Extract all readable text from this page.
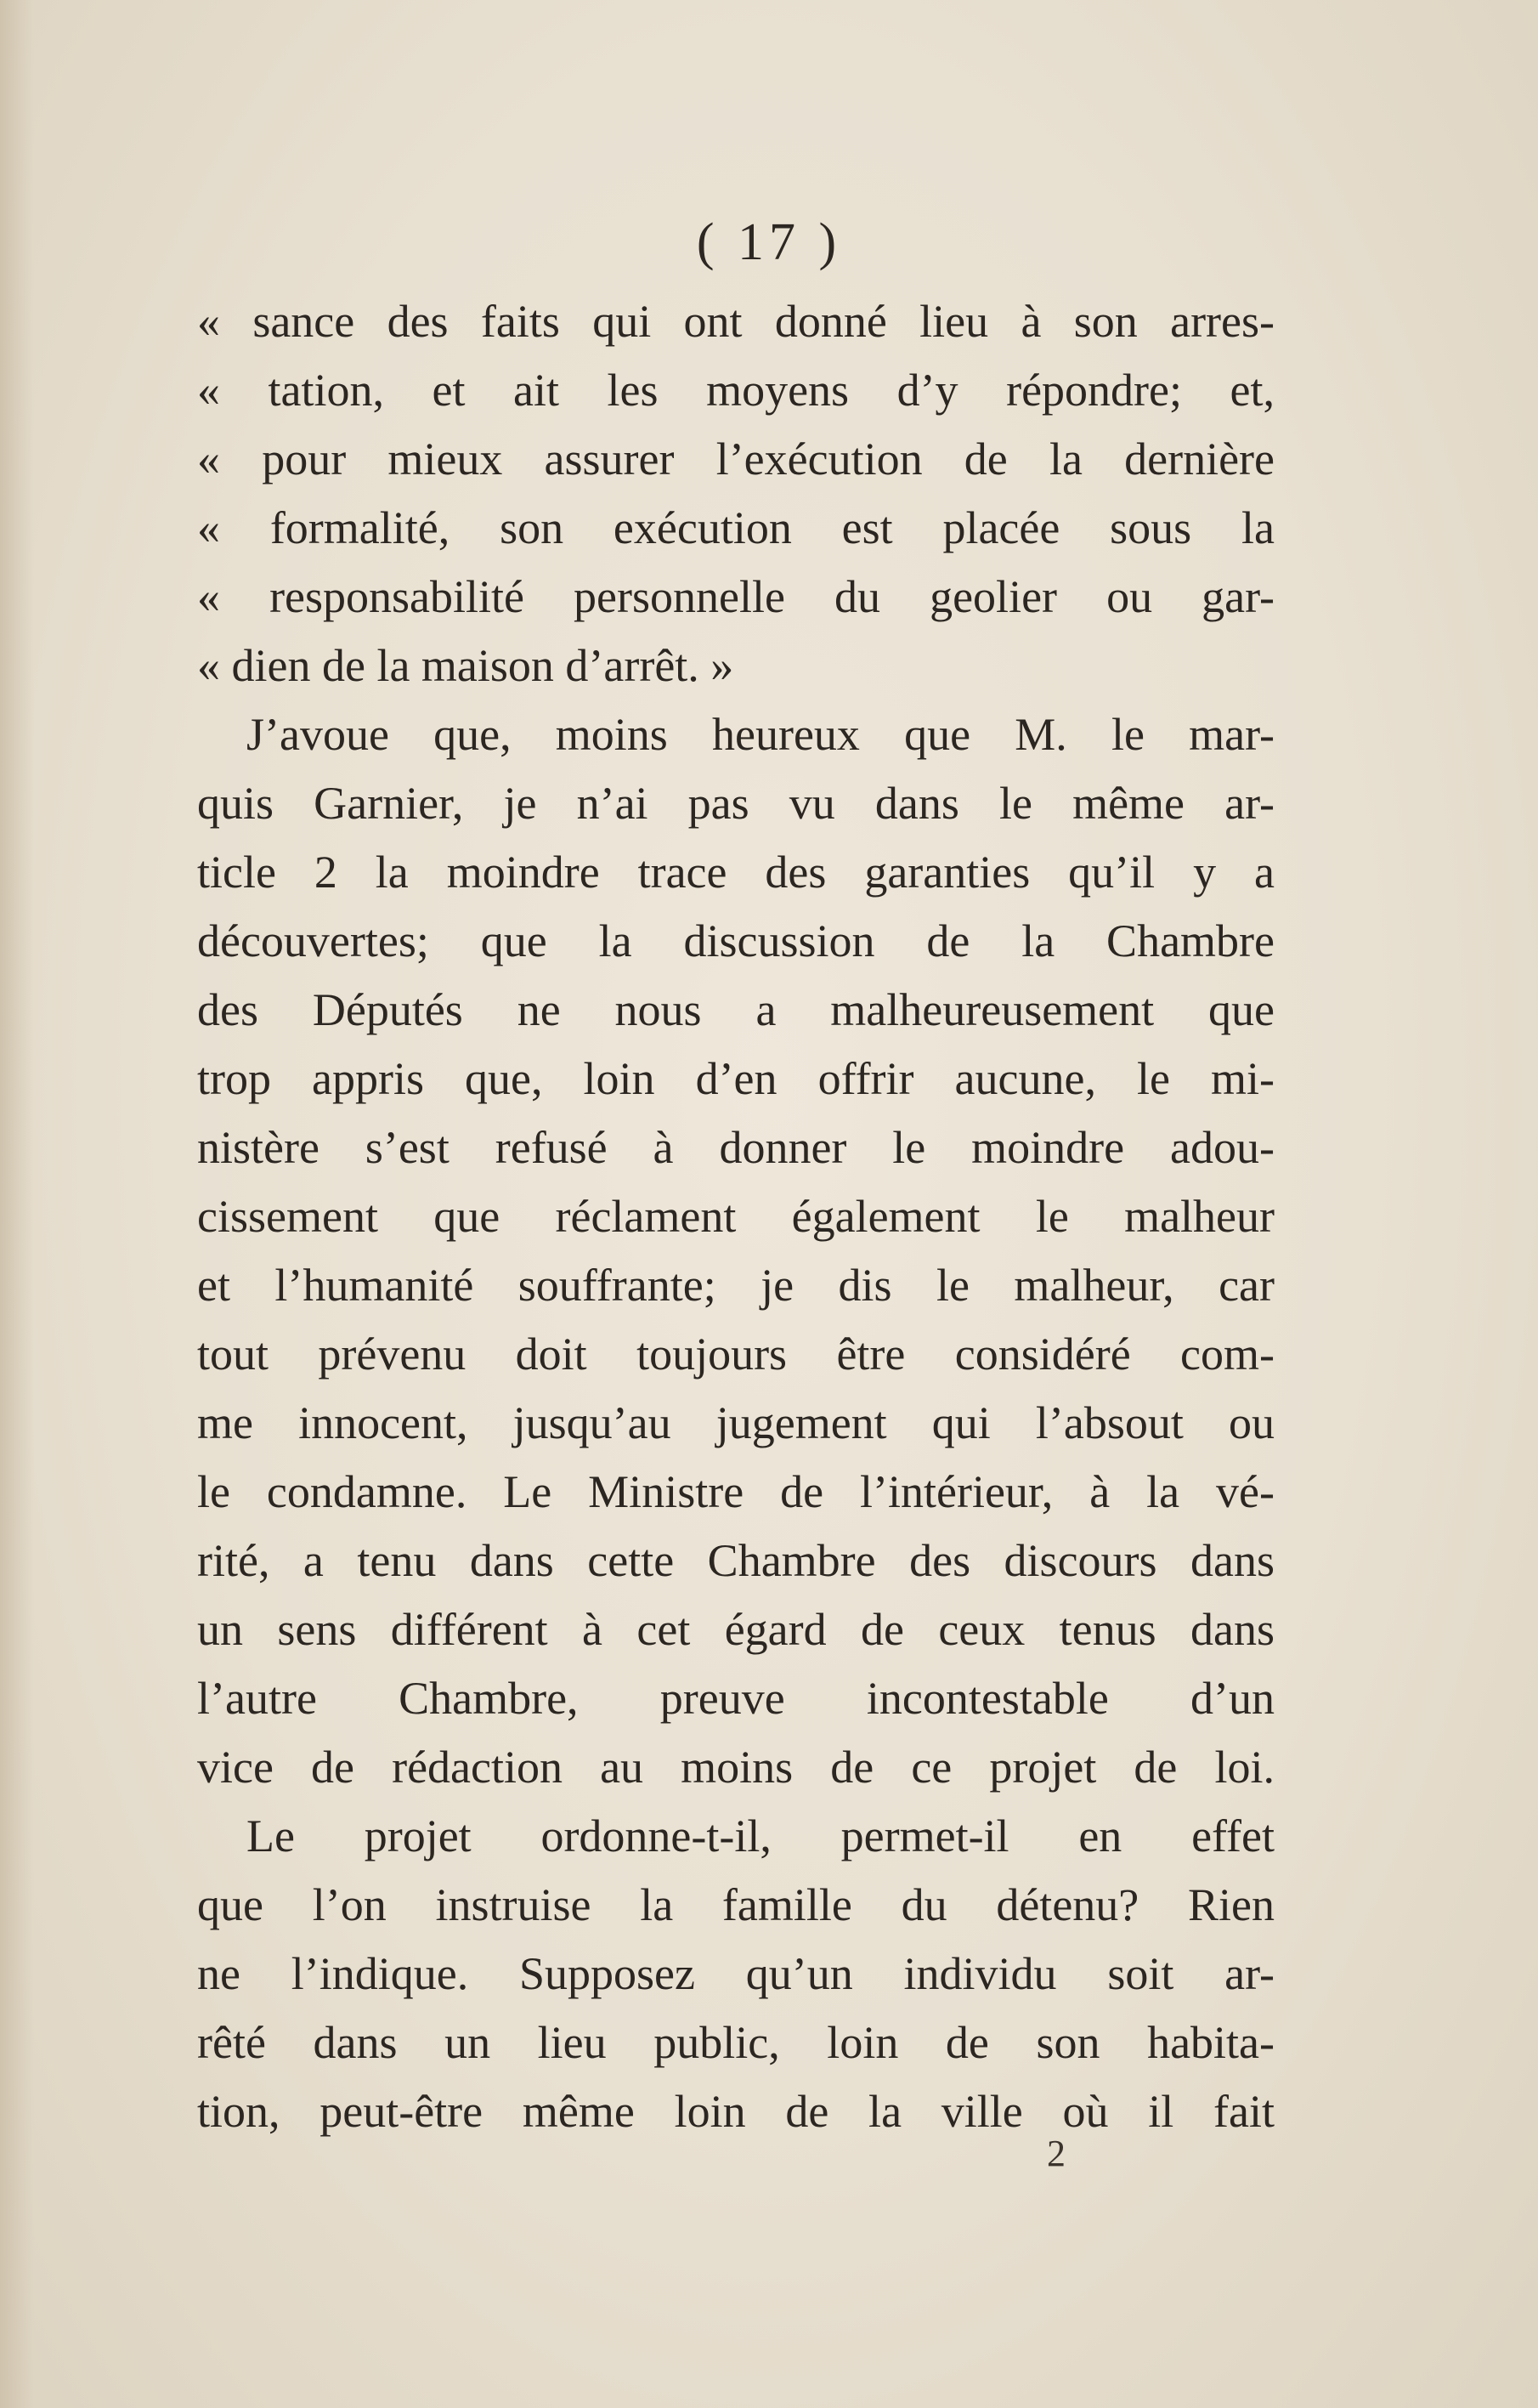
( 17 )
« sance des faits qui ont donné lieu à son arres-
« tation, et ait les moyens d’y répondre; et,
« pour mieux assurer l’exécution de la dernière
« formalité, son exécution est placée sous la
« responsabilité personnelle du geolier ou gar-
« dien de la maison d’arrêt. »
J’avoue que, moins heureux que M. le mar-
quis Garnier, je n’ai pas vu dans le même ar-
ticle 2 la moindre trace des garanties qu’il y a
découvertes; que la discussion de la Chambre
des Députés ne nous a malheureusement que
trop appris que, loin d’en offrir aucune, le mi-
nistère s’est refusé à donner le moindre adou-
cissement que réclament également le malheur
et l’humanité souffrante; je dis le malheur, car
tout prévenu doit toujours être considéré com-
me innocent, jusqu’au jugement qui l’absout ou
le condamne. Le Ministre de l’intérieur, à la vé-
rité, a tenu dans cette Chambre des discours dans
un sens différent à cet égard de ceux tenus dans
l’autre Chambre, preuve incontestable d’un
vice de rédaction au moins de ce projet de loi.
Le projet ordonne-t-il, permet-il en effet
que l’on instruise la famille du détenu? Rien
ne l’indique. Supposez qu’un individu soit ar-
rêté dans un lieu public, loin de son habita-
tion, peut-être même loin de la ville où il fait
2
